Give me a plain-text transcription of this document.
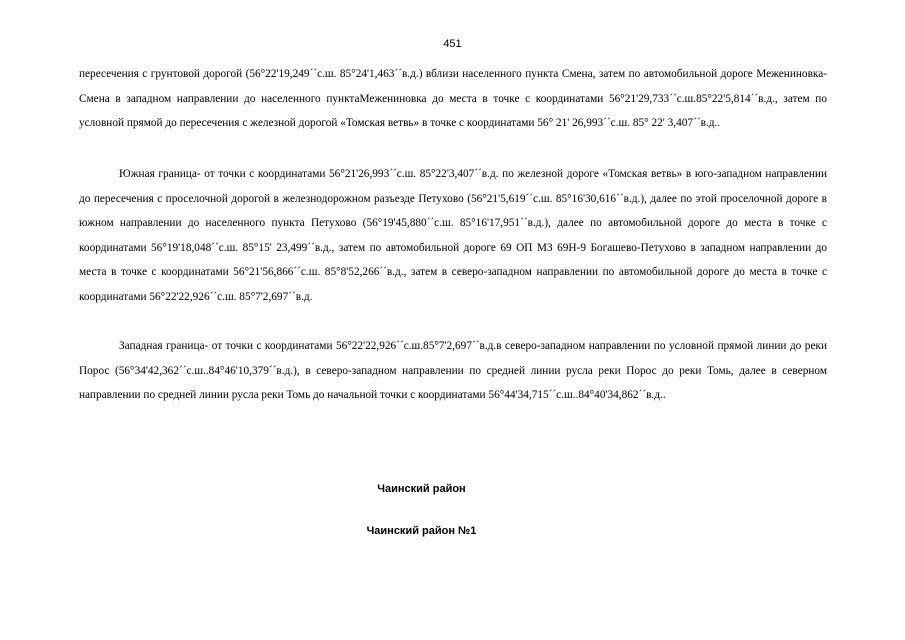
451

пересечения с грунтовой дорогой (56°22'19,249´´с.ш. 85°24'1,463´´в.д.) вблизи населенного пункта Смена, затем по автомобильной дороге Межениновка-Смена в западном направлении до населенного пунктаМежениновка до места в точке с координатами 56°21'29,733´´с.ш.85°22'5,814´´в.д., затем по условной прямой до пересечения с железной дорогой «Томская ветвь» в точке с координатами 56° 21' 26,993´´с.ш. 85° 22' 3,407´´в.д..

Южная граница- от точки с координатами 56°21'26,993´´с.ш. 85°22'3,407´´в.д. по железной дороге «Томская ветвь» в юго-западном направлении до пересечения с проселочной дорогой в железнодорожном разъезде Петухово (56°21'5,619´´с.ш. 85°16'30,616´´в.д.), далее по этой проселочной дороге в южном направлении до населенного пункта Петухово (56°19'45,880´´с.ш. 85°16'17,951´´в.д.), далее по автомобильной дороге до места в точке с координатами 56°19'18,048´´с.ш. 85°15' 23,499´´в.д., затем по автомобильной дороге 69 ОП МЗ 69Н-9 Богашево-Петухово в западном направлении до места в точке с координатами 56°21'56,866´´с.ш. 85°8'52,266´´в.д., затем в северо-западном направлении по автомобильной дороге до места в точке с координатами 56°22'22,926´´с.ш. 85°7'2,697´´в.д.

Западная граница- от точки с координатами 56°22'22,926´´с.ш.85°7'2,697´´в.д.в северо-западном направлении по условной прямой линии до реки Порос (56°34'42,362´´с.ш..84°46'10,379´´в.д.), в северо-западном направлении по средней линии русла реки Порос до реки Томь, далее в северном направлении по средней линии русла реки Томь до начальной точки с координатами 56°44'34,715´´с.ш..84°40'34,862´´в.д..

Чаинский район
Чаинский район №1
